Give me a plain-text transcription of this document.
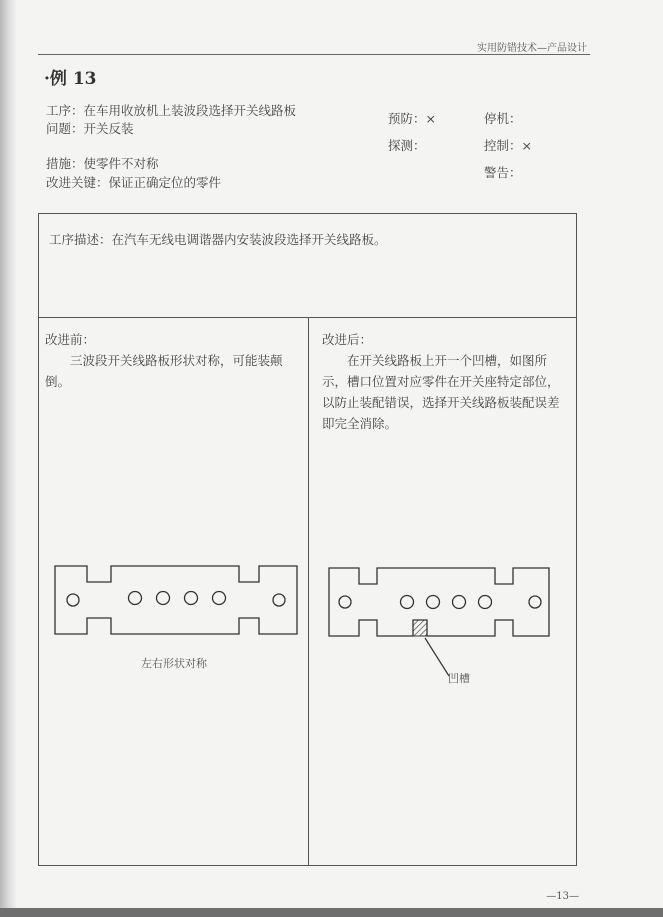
实用防错技术—产品设计
·例 13
工序：在车用收放机上装波段选择开关线路板
问题：开关反装
措施：使零件不对称
改进关键：保证正确定位的零件
预防：×
探测：
停机：
控制：×
警告：
工序描述：在汽车无线电调谐器内安装波段选择开关线路板。
改进前：
三波段开关线路板形状对称，可能装颠倒。
改进后：
在开关线路板上开一个凹槽，如图所示，槽口位置对应零件在开关座特定部位，以防止装配错误，选择开关线路板装配误差即完全消除。
左右形状对称
凹槽
—13—
